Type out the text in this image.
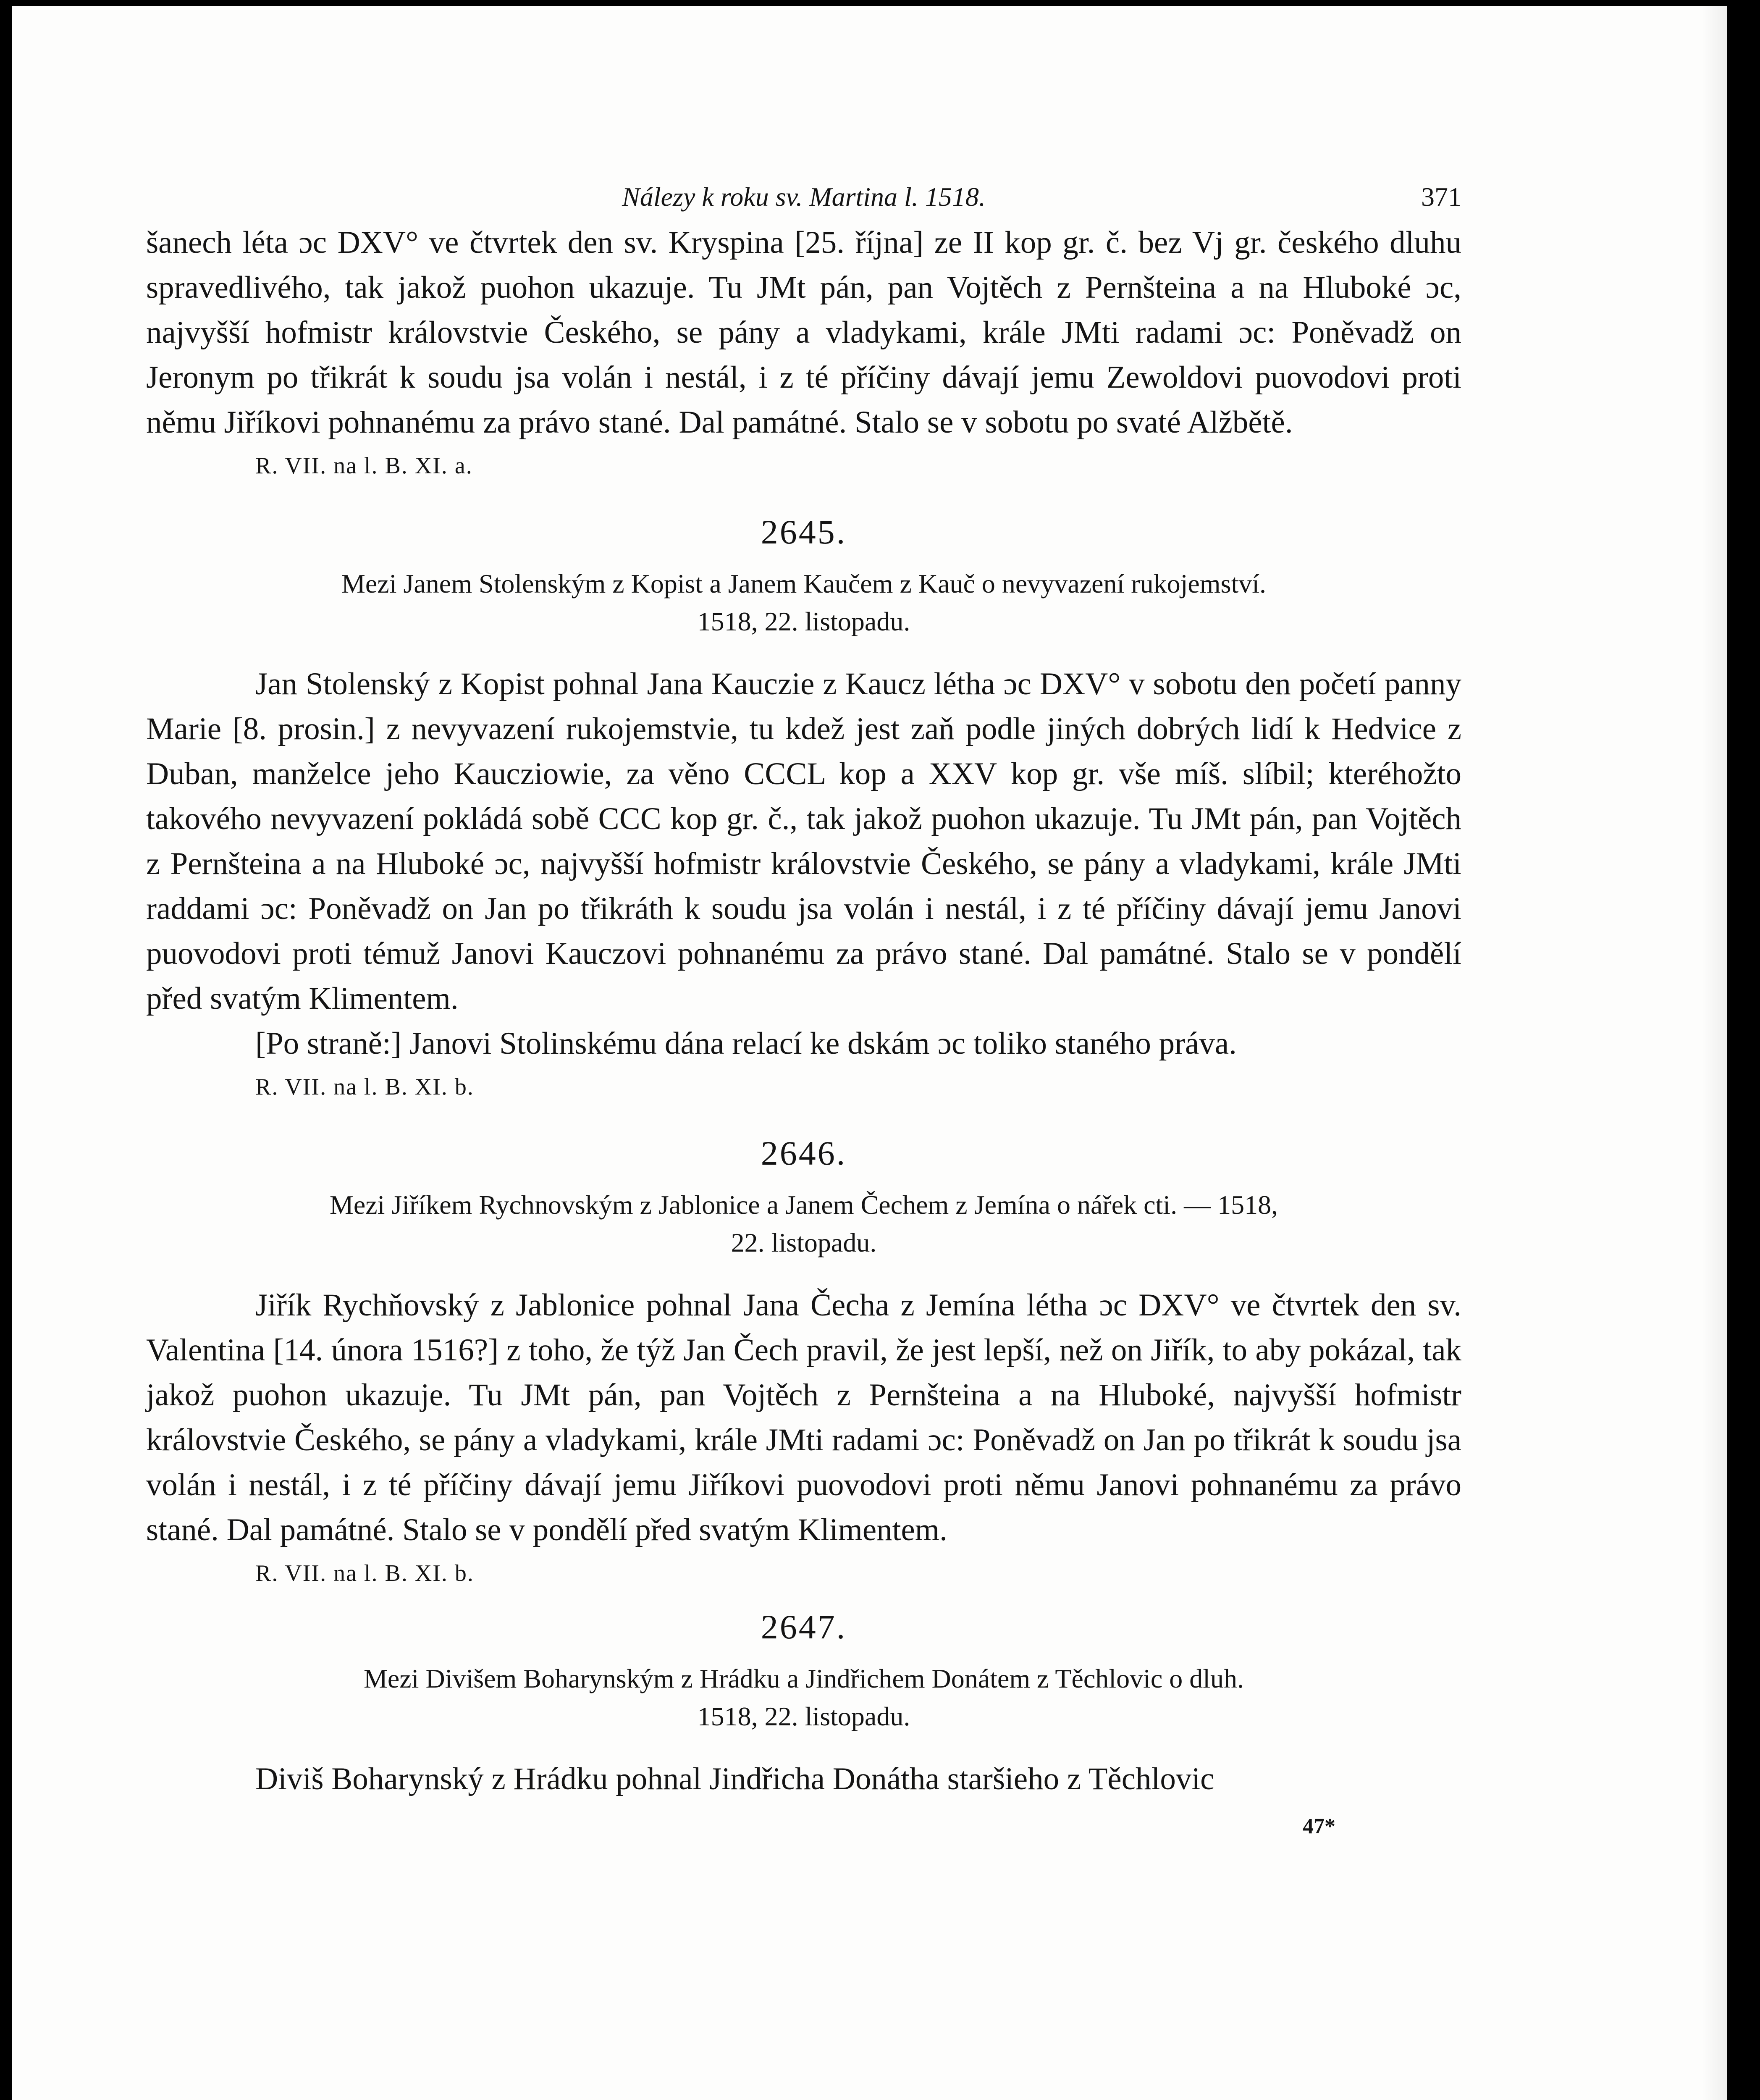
Nálezy k roku sv. Martina l. 1518.	371

šanech léta ɔc DXV° ve čtvrtek den sv. Kryspina [25. října] ze II kop gr. č. bez Vj gr. českého dluhu spravedlivého, tak jakož puohon ukazuje. Tu JMt pán, pan Vojtěch z Pernšteina a na Hluboké ɔc, najvyšší hofmistr královstvie Českého, se pány a vladykami, krále JMti radami ɔc: Poněvadž on Jeronym po třikrát k soudu jsa volán i nestál, i z té příčiny dávají jemu Zewoldovi puovodovi proti němu Jiříkovi pohnanému za právo stané. Dal památné. Stalo se v sobotu po svaté Alžbětě.

R. VII. na l. B. XI. a.

2645.
Mezi Janem Stolenským z Kopist a Janem Kaučem z Kauč o nevyvazení rukojemství.
1518, 22. listopadu.

Jan Stolenský z Kopist pohnal Jana Kauczie z Kaucz létha ɔc DXV° v sobotu den početí panny Marie [8. prosin.] z nevyvazení rukojemstvie, tu kdež jest zaň podle jiných dobrých lidí k Hedvice z Duban, manželce jeho Kaucziowie, za věno CCCL kop a XXV kop gr. vše míš. slíbil; kteréhožto takového nevyvazení pokládá sobě CCC kop gr. č., tak jakož puohon ukazuje. Tu JMt pán, pan Vojtěch z Pernšteina a na Hluboké ɔc, najvyšší hofmistr královstvie Českého, se pány a vladykami, krále JMti raddami ɔc: Poněvadž on Jan po třikráth k soudu jsa volán i nestál, i z té příčiny dávají jemu Janovi puovodovi proti témuž Janovi Kauczovi pohnanému za právo stané. Dal památné. Stalo se v pondělí před svatým Klimentem.

[Po straně:] Janovi Stolinskému dána relací ke dskám ɔc toliko staného práva.

R. VII. na l. B. XI. b.

2646.
Mezi Jiříkem Rychnovským z Jablonice a Janem Čechem z Jemína o nářek cti. — 1518,
22. listopadu.

Jiřík Rychňovský z Jablonice pohnal Jana Čecha z Jemína létha ɔc DXV° ve čtvrtek den sv. Valentina [14. února 1516?] z toho, že týž Jan Čech pravil, že jest lepší, než on Jiřík, to aby pokázal, tak jakož puohon ukazuje. Tu JMt pán, pan Vojtěch z Pernšteina a na Hluboké, najvyšší hofmistr královstvie Českého, se pány a vladykami, krále JMti radami ɔc: Poněvadž on Jan po třikrát k soudu jsa volán i nestál, i z té příčiny dávají jemu Jiříkovi puovodovi proti němu Janovi pohnanému za právo stané. Dal památné. Stalo se v pondělí před svatým Klimentem.

R. VII. na l. B. XI. b.

2647.
Mezi Divišem Boharynským z Hrádku a Jindřichem Donátem z Těchlovic o dluh.
1518, 22. listopadu.

Diviš Boharynský z Hrádku pohnal Jindřicha Donátha staršieho z Těchlovic

47*
